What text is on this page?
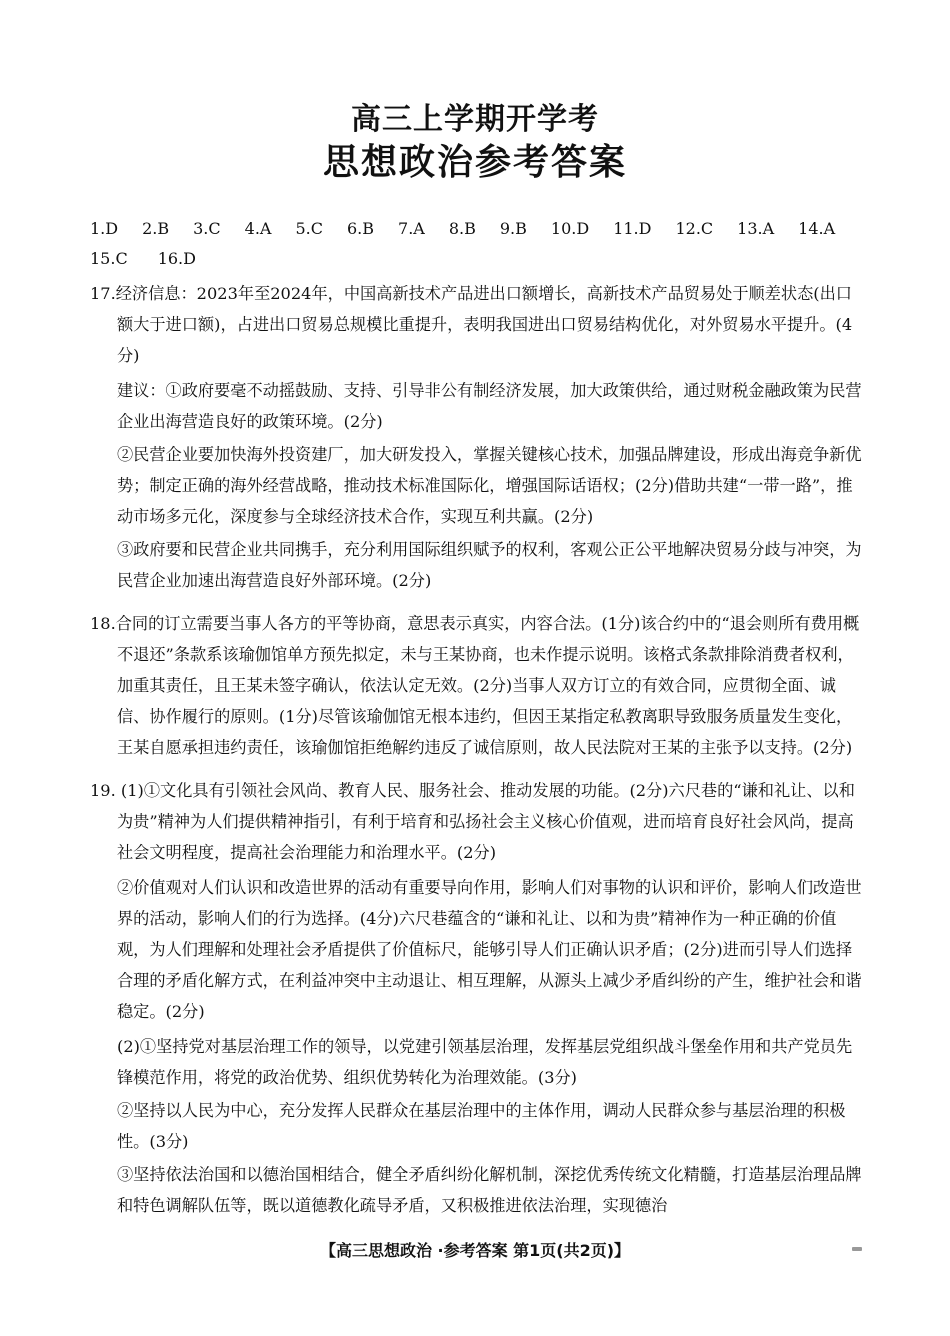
高三上学期开学考
思想政治参考答案
1.D 2.B 3.C 4.A 5.C 6.B 7.A 8.B 9.B 10.D 11.D 12.C 13.A 14.A
15.C 16.D
17.经济信息：2023年至2024年，中国高新技术产品进出口额增长，高新技术产品贸易处于顺差状态(出口额大于进口额)，占进出口贸易总规模比重提升，表明我国进出口贸易结构优化，对外贸易水平提升。(4分)
建议：①政府要毫不动摇鼓励、支持、引导非公有制经济发展，加大政策供给，通过财税金融政策为民营企业出海营造良好的政策环境。(2分)
②民营企业要加快海外投资建厂，加大研发投入，掌握关键核心技术，加强品牌建设，形成出海竞争新优势；制定正确的海外经营战略，推动技术标准国际化，增强国际话语权；(2分)借助共建“一带一路”，推动市场多元化，深度参与全球经济技术合作，实现互利共赢。(2分)
③政府要和民营企业共同携手，充分利用国际组织赋予的权利，客观公正公平地解决贸易分歧与冲突，为民营企业加速出海营造良好外部环境。(2分)
18.合同的订立需要当事人各方的平等协商，意思表示真实，内容合法。(1分)该合约中的“退会则所有费用概不退还”条款系该瑜伽馆单方预先拟定，未与王某协商，也未作提示说明。该格式条款排除消费者权利，加重其责任，且王某未签字确认，依法认定无效。(2分)当事人双方订立的有效合同，应贯彻全面、诚信、协作履行的原则。(1分)尽管该瑜伽馆无根本违约，但因王某指定私教离职导致服务质量发生变化，王某自愿承担违约责任，该瑜伽馆拒绝解约违反了诚信原则，故人民法院对王某的主张予以支持。(2分)
19. (1)①文化具有引领社会风尚、教育人民、服务社会、推动发展的功能。(2分)六尺巷的“谦和礼让、以和为贵”精神为人们提供精神指引，有利于培育和弘扬社会主义核心价值观，进而培育良好社会风尚，提高社会文明程度，提高社会治理能力和治理水平。(2分)
②价值观对人们认识和改造世界的活动有重要导向作用，影响人们对事物的认识和评价，影响人们改造世界的活动，影响人们的行为选择。(4分)六尺巷蕴含的“谦和礼让、以和为贵”精神作为一种正确的价值观，为人们理解和处理社会矛盾提供了价值标尺，能够引导人们正确认识矛盾；(2分)进而引导人们选择合理的矛盾化解方式，在利益冲突中主动退让、相互理解，从源头上减少矛盾纠纷的产生，维护社会和谐稳定。(2分)
(2)①坚持党对基层治理工作的领导，以党建引领基层治理，发挥基层党组织战斗堡垒作用和共产党员先锋模范作用，将党的政治优势、组织优势转化为治理效能。(3分)
②坚持以人民为中心，充分发挥人民群众在基层治理中的主体作用，调动人民群众参与基层治理的积极性。(3分)
③坚持依法治国和以德治国相结合，健全矛盾纠纷化解机制，深挖优秀传统文化精髓，打造基层治理品牌和特色调解队伍等，既以道德教化疏导矛盾，又积极推进依法治理，实现德治
【高三思想政治 ·参考答案 第1页(共2页)】
